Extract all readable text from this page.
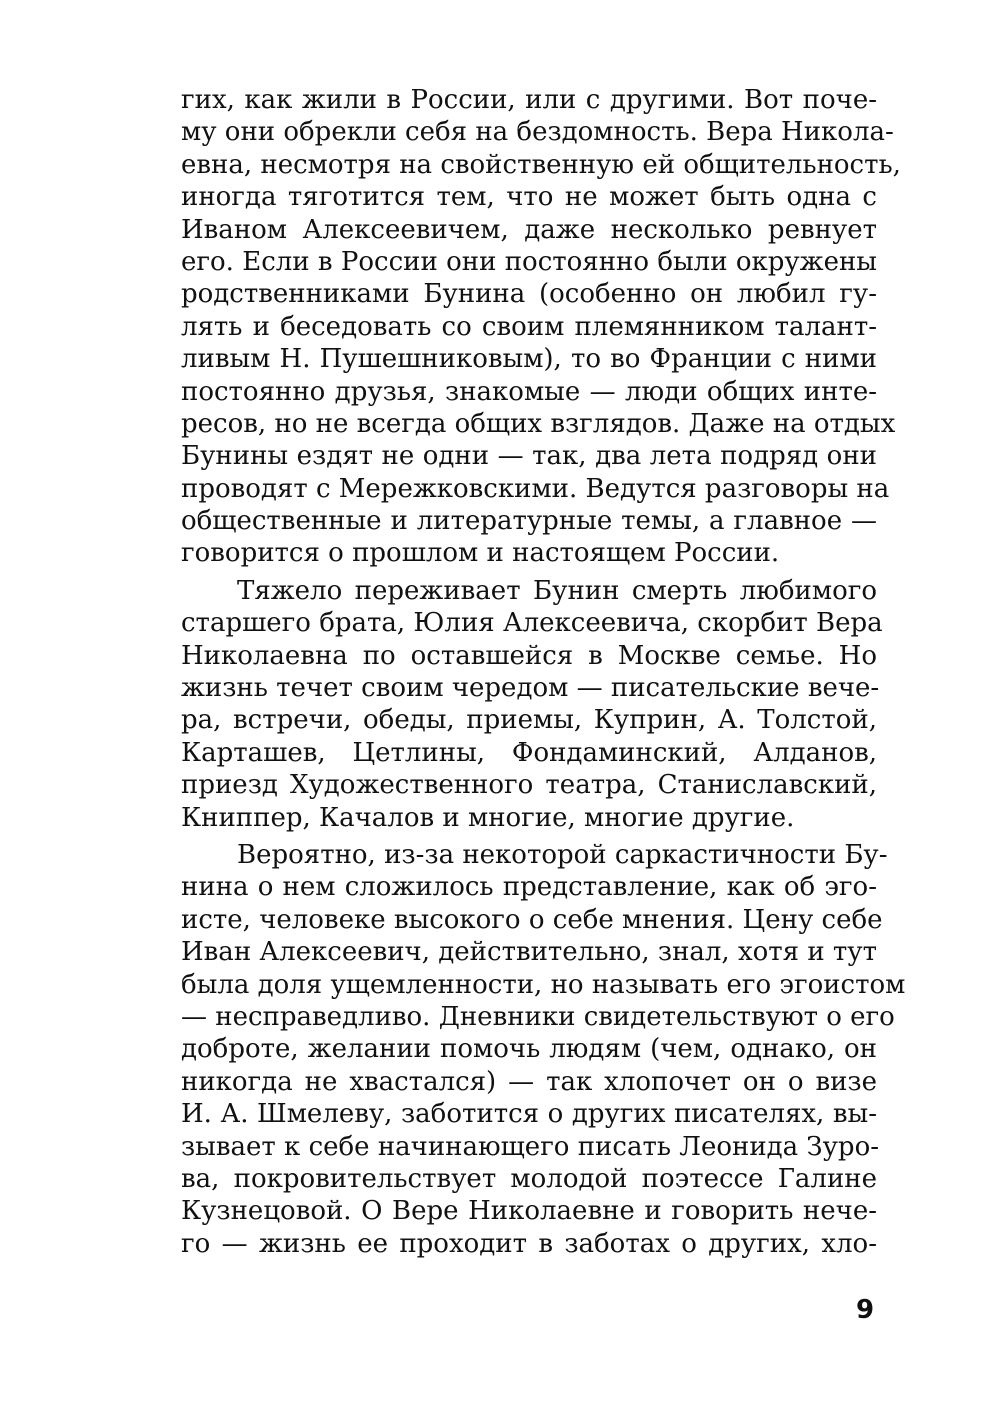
гих, как жили в России, или с другими. Вот поче-
му они обрекли себя на бездомность. Вера Никола-
евна, несмотря на свойственную ей общительность,
иногда тяготится тем, что не может быть одна с
Иваном Алексеевичем, даже несколько ревнует
его. Если в России они постоянно были окружены
родственниками Бунина (особенно он любил гу-
лять и беседовать со своим племянником талант-
ливым Н. Пушешниковым), то во Франции с ними
постоянно друзья, знакомые — люди общих инте-
ресов, но не всегда общих взглядов. Даже на отдых
Бунины ездят не одни — так, два лета подряд они
проводят с Мережковскими. Ведутся разговоры на
общественные и литературные темы, а главное —
говорится о прошлом и настоящем России.
Тяжело переживает Бунин смерть любимого
старшего брата, Юлия Алексеевича, скорбит Вера
Николаевна по оставшейся в Москве семье. Но
жизнь течет своим чередом — писательские вече-
ра, встречи, обеды, приемы, Куприн, А. Толстой,
Карташев, Цетлины, Фондаминский, Алданов,
приезд Художественного театра, Станиславский,
Книппер, Качалов и многие, многие другие.
Вероятно, из-за некоторой саркастичности Бу-
нина о нем сложилось представление, как об эго-
исте, человеке высокого о себе мнения. Цену себе
Иван Алексеевич, действительно, знал, хотя и тут
была доля ущемленности, но называть его эгоистом
— несправедливо. Дневники свидетельствуют о его
доброте, желании помочь людям (чем, однако, он
никогда не хвастался) — так хлопочет он о визе
И. А. Шмелеву, заботится о других писателях, вы-
зывает к себе начинающего писать Леонида Зуро-
ва, покровительствует молодой поэтессе Галине
Кузнецовой. О Вере Николаевне и говорить нече-
го — жизнь ее проходит в заботах о других, хло-
9
